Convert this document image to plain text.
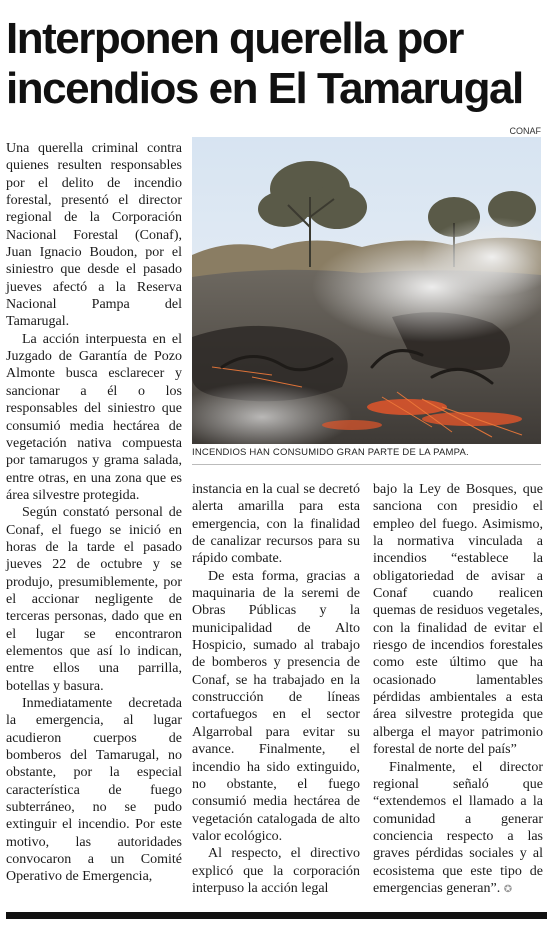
Interponen querella por incendios en El Tamarugal
CONAF
INCENDIOS HAN CONSUMIDO GRAN PARTE DE LA PAMPA.

Una querella criminal contra quienes resulten responsables por el delito de incendio forestal, presentó el director regional de la Corporación Nacional Forestal (Conaf), Juan Ignacio Boudon, por el siniestro que desde el pasado jueves afectó a la Reserva Nacional Pampa del Tamarugal.

La acción interpuesta en el Juzgado de Garantía de Pozo Almonte busca esclarecer y sancionar a él o los responsables del siniestro que consumió media hectárea de vegetación nativa compuesta por tamarugos y grama salada, entre otras, en una zona que es área silvestre protegida.

Según constató personal de Conaf, el fuego se inició en horas de la tarde el pasado jueves 22 de octubre y se produjo, presumiblemente, por el accionar negligente de terceras personas, dado que en el lugar se encontraron elementos que así lo indican, entre ellos una parrilla, botellas y basura.

Inmediatamente decretada la emergencia, al lugar acudieron cuerpos de bomberos del Tamarugal, no obstante, por la especial característica de fuego subterráneo, no se pudo extinguir el incendio. Por este motivo, las autoridades convocaron a un Comité Operativo de Emergencia,

instancia en la cual se decretó alerta amarilla para esta emergencia, con la finalidad de canalizar recursos para su rápido combate.

De esta forma, gracias a maquinaria de la seremi de Obras Públicas y la municipalidad de Alto Hospicio, sumado al trabajo de bomberos y presencia de Conaf, se ha trabajado en la construcción de líneas cortafuegos en el sector Algarrobal para evitar su avance. Finalmente, el incendio ha sido extinguido, no obstante, el fuego consumió media hectárea de vegetación catalogada de alto valor ecológico.

Al respecto, el directivo explicó que la corporación interpuso la acción legal

bajo la Ley de Bosques, que sanciona con presidio el empleo del fuego. Asimismo, la normativa vinculada a incendios “establece la obligatoriedad de avisar a Conaf cuando realicen quemas de residuos vegetales, con la finalidad de evitar el riesgo de incendios forestales como este último que ha ocasionado lamentables pérdidas ambientales a esta área silvestre protegida que alberga el mayor patrimonio forestal de norte del país”

Finalmente, el director regional señaló que “extendemos el llamado a la comunidad a generar conciencia respecto a las graves pérdidas sociales y al ecosistema que este tipo de emergencias generan”. ✪
